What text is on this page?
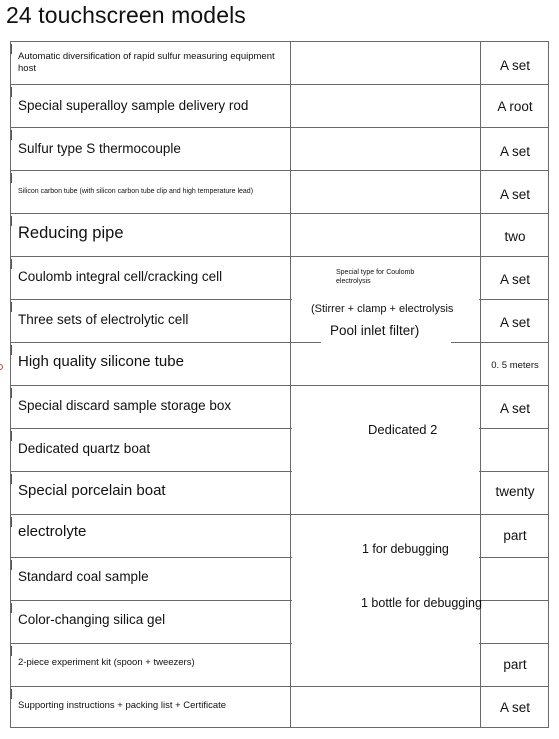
24 touchscreen models
Automatic diversification of rapid sulfur measuring equipment host
Special superalloy sample delivery rod
Sulfur type S thermocouple
Silicon carbon tube (with silicon carbon tube clip and high temperature lead)
Reducing pipe
Coulomb integral cell/cracking cell
Three sets of electrolytic cell
High quality silicone tube
Special discard sample storage box
Dedicated quartz boat
Special porcelain boat
electrolyte
Standard coal sample
Color-changing silica gel
2-piece experiment kit (spoon + tweezers)
Supporting instructions + packing list + Certificate
A set
A root
A set
A set
two
A set
A set
0. 5 meters
A set
twenty
part
part
A set
Special type for Coulomb electrolysis
(Stirrer + clamp + electrolysis
Pool inlet filter)
Dedicated 2
1 for debugging
1 bottle for debugging
